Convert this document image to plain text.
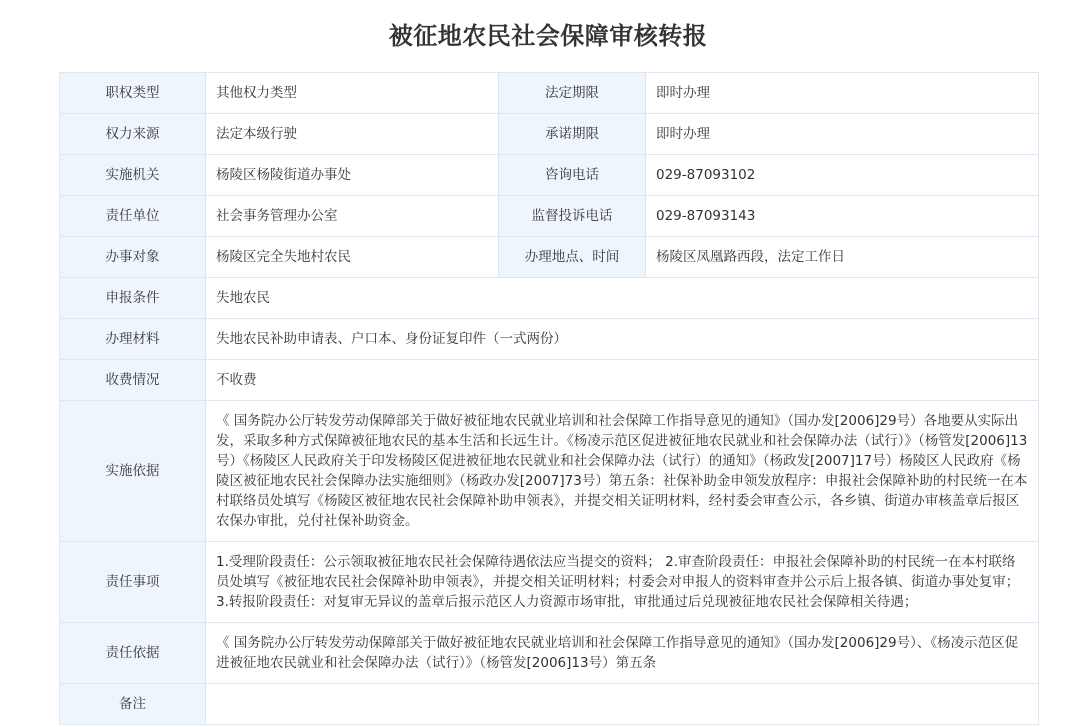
被征地农民社会保障审核转报
职权类型	其他权力类型	法定期限	即时办理
权力来源	法定本级行驶	承诺期限	即时办理
实施机关	杨陵区杨陵街道办事处	咨询电话	029-87093102
责任单位	社会事务管理办公室	监督投诉电话	029-87093143
办事对象	杨陵区完全失地村农民	办理地点、时间	杨陵区凤凰路西段，法定工作日
申报条件	失地农民		
办理材料	失地农民补助申请表、户口本、身份证复印件（一式两份）		
收费情况	不收费		
实施依据	《 国务院办公厅转发劳动保障部关于做好被征地农民就业培训和社会保障工作指导意见的通知》（国办发[2006]29号）各地要从实际出发，采取多种方式保障被征地农民的基本生活和长远生计。《杨凌示范区促进被征地农民就业和社会保障办法（试行）》（杨管发[2006]13号）《杨陵区人民政府关于印发杨陵区促进被征地农民就业和社会保障办法（试行）的通知》（杨政发[2007]17号）杨陵区人民政府《杨陵区被征地农民社会保障办法实施细则》（杨政办发[2007]73号）第五条：社保补助金申领发放程序：申报社会保障补助的村民统一在本村联络员处填写《杨陵区被征地农民社会保障补助申领表》，并提交相关证明材料，经村委会审查公示，各乡镇、街道办审核盖章后报区农保办审批，兑付社保补助资金。		
责任事项	1.受理阶段责任：公示领取被征地农民社会保障待遇依法应当提交的资料； 2.审查阶段责任：申报社会保障补助的村民统一在本村联络员处填写《被征地农民社会保障补助申领表》，并提交相关证明材料；村委会对申报人的资料审查并公示后上报各镇、街道办事处复审； 3.转报阶段责任：对复审无异议的盖章后报示范区人力资源市场审批，审批通过后兑现被征地农民社会保障相关待遇；		
责任依据	《 国务院办公厅转发劳动保障部关于做好被征地农民就业培训和社会保障工作指导意见的通知》（国办发[2006]29号）、《杨凌示范区促进被征地农民就业和社会保障办法（试行）》（杨管发[2006]13号）第五条		
备注			
